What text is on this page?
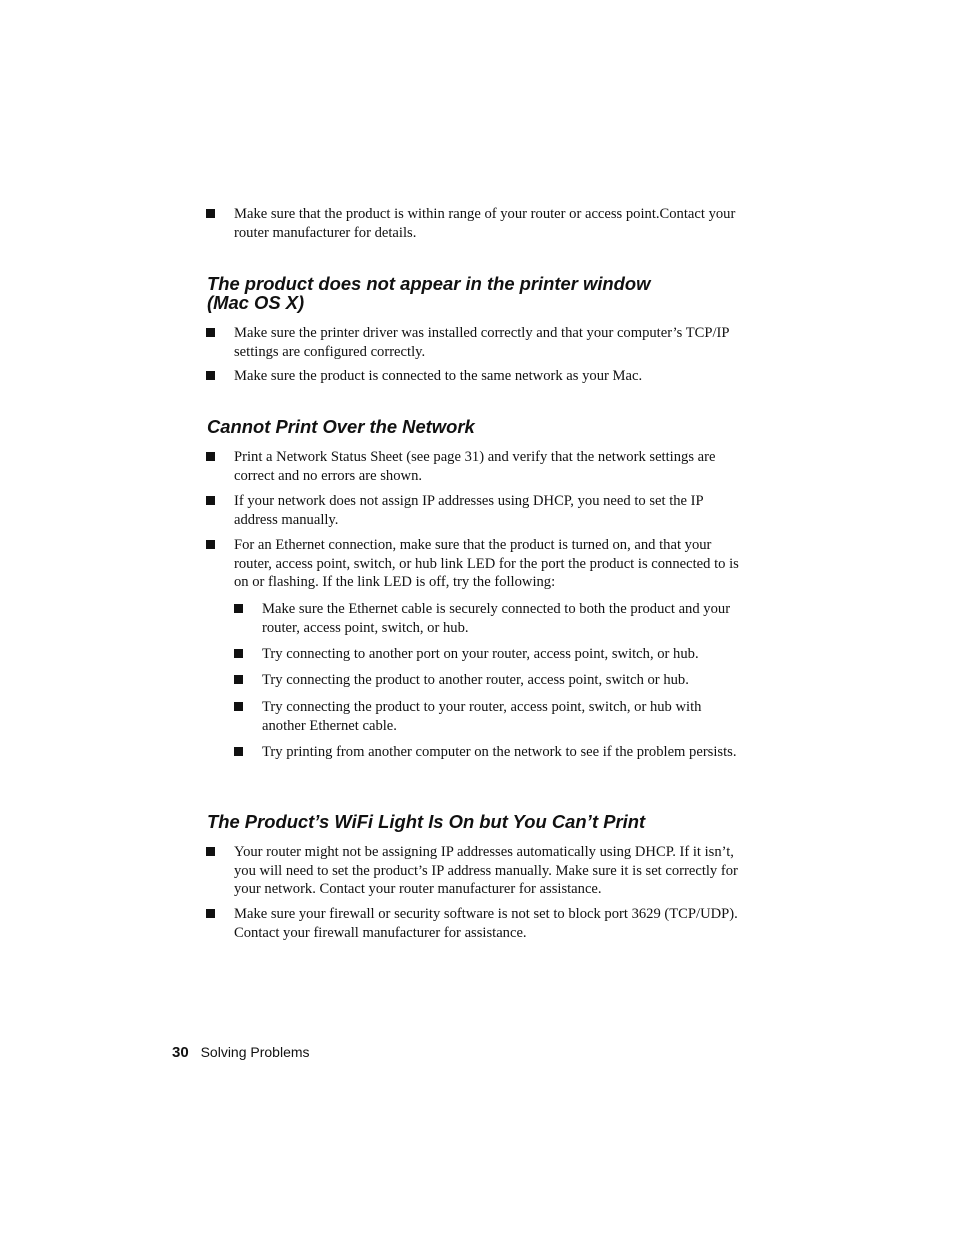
Make sure that the product is within range of your router or access point.Contact your router manufacturer for details.
The product does not appear in the printer window
(Mac OS X)
Make sure the printer driver was installed correctly and that your computer’s TCP/IP settings are configured correctly.
Make sure the product is connected to the same network as your Mac.
Cannot Print Over the Network
Print a Network Status Sheet (see page 31) and verify that the network settings are correct and no errors are shown.
If your network does not assign IP addresses using DHCP, you need to set the IP address manually.
For an Ethernet connection, make sure that the product is turned on, and that your router, access point, switch, or hub link LED for the port the product is connected to is on or flashing. If the link LED is off, try the following:
Make sure the Ethernet cable is securely connected to both the product and your router, access point, switch, or hub.
Try connecting to another port on your router, access point, switch, or hub.
Try connecting the product to another router, access point, switch or hub.
Try connecting the product to your router, access point, switch, or hub with another Ethernet cable.
Try printing from another computer on the network to see if the problem persists.
The Product’s WiFi Light Is On but You Can’t Print
Your router might not be assigning IP addresses automatically using DHCP. If it isn’t, you will need to set the product’s IP address manually. Make sure it is set correctly for your network. Contact your router manufacturer for assistance.
Make sure your firewall or security software is not set to block port 3629 (TCP/UDP). Contact your firewall manufacturer for assistance.
30 Solving Problems
